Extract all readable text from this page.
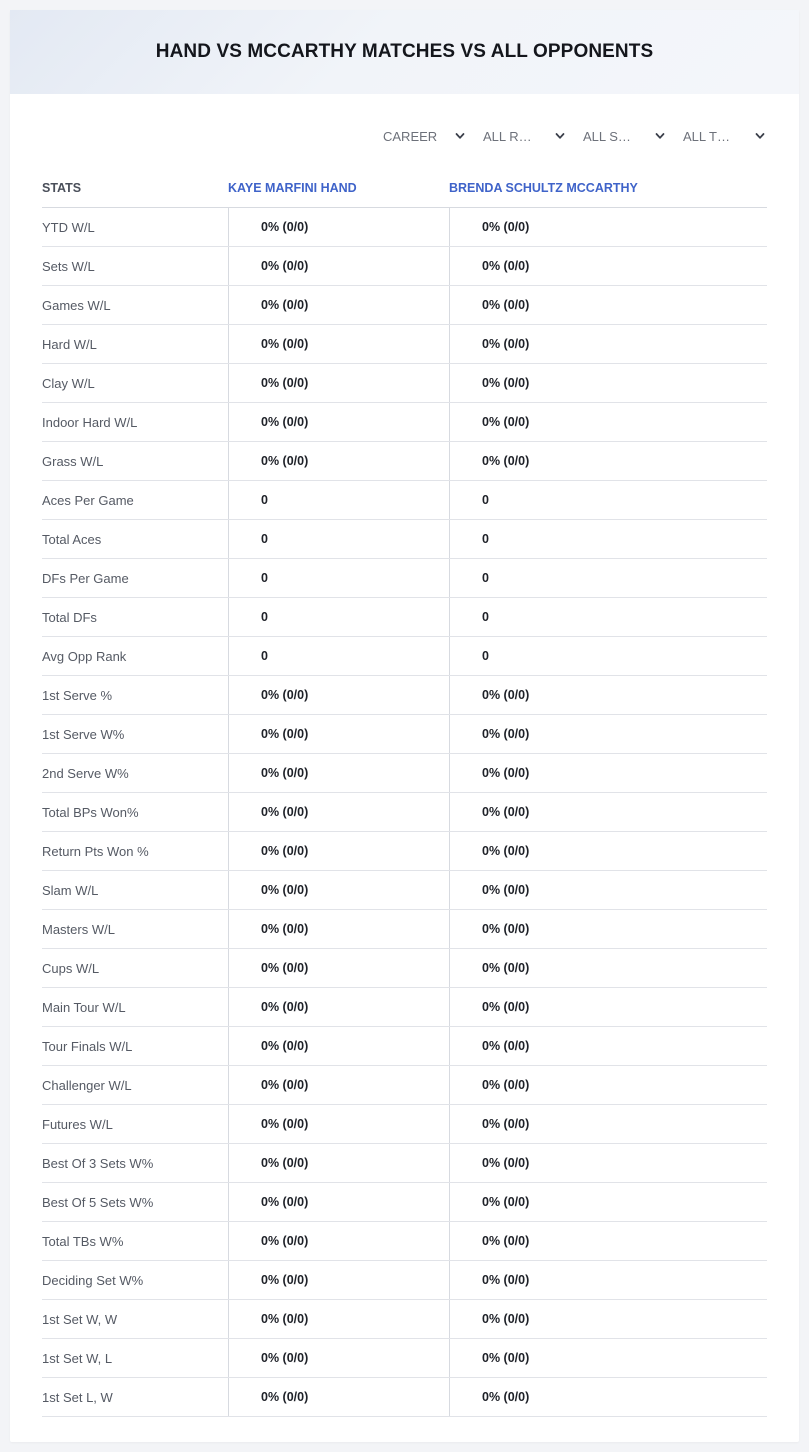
HAND VS MCCARTHY MATCHES VS ALL OPPONENTS
CAREER	ALL R…	ALL S…	ALL T…
STATS	KAYE MARFINI HAND	BRENDA SCHULTZ MCCARTHY
YTD W/L	0% (0/0)	0% (0/0)
Sets W/L	0% (0/0)	0% (0/0)
Games W/L	0% (0/0)	0% (0/0)
Hard W/L	0% (0/0)	0% (0/0)
Clay W/L	0% (0/0)	0% (0/0)
Indoor Hard W/L	0% (0/0)	0% (0/0)
Grass W/L	0% (0/0)	0% (0/0)
Aces Per Game	0	0
Total Aces	0	0
DFs Per Game	0	0
Total DFs	0	0
Avg Opp Rank	0	0
1st Serve %	0% (0/0)	0% (0/0)
1st Serve W%	0% (0/0)	0% (0/0)
2nd Serve W%	0% (0/0)	0% (0/0)
Total BPs Won%	0% (0/0)	0% (0/0)
Return Pts Won %	0% (0/0)	0% (0/0)
Slam W/L	0% (0/0)	0% (0/0)
Masters W/L	0% (0/0)	0% (0/0)
Cups W/L	0% (0/0)	0% (0/0)
Main Tour W/L	0% (0/0)	0% (0/0)
Tour Finals W/L	0% (0/0)	0% (0/0)
Challenger W/L	0% (0/0)	0% (0/0)
Futures W/L	0% (0/0)	0% (0/0)
Best Of 3 Sets W%	0% (0/0)	0% (0/0)
Best Of 5 Sets W%	0% (0/0)	0% (0/0)
Total TBs W%	0% (0/0)	0% (0/0)
Deciding Set W%	0% (0/0)	0% (0/0)
1st Set W, W	0% (0/0)	0% (0/0)
1st Set W, L	0% (0/0)	0% (0/0)
1st Set L, W	0% (0/0)	0% (0/0)
